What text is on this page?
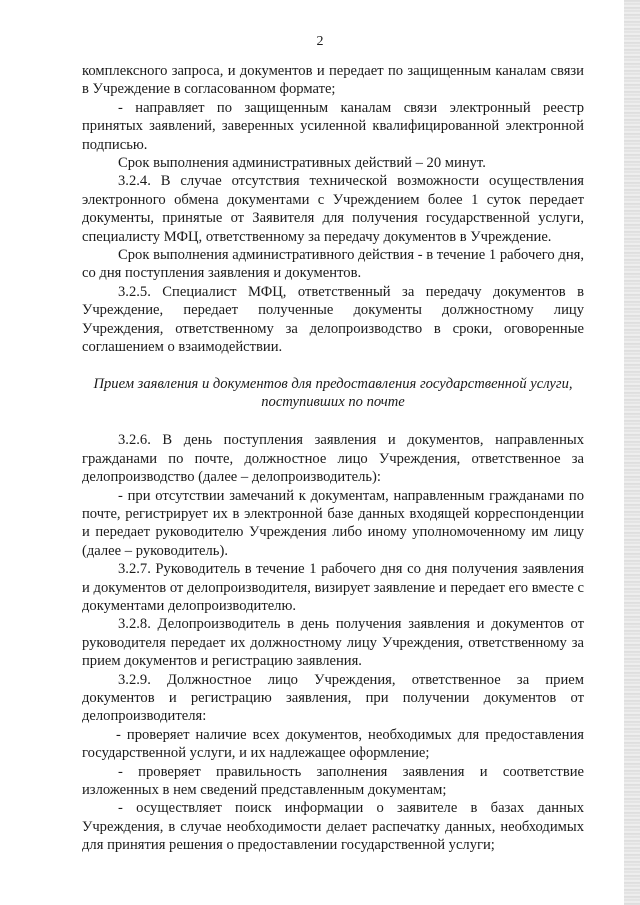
2

комплексного запроса, и документов и передает по защищенным каналам связи в Учреждение в согласованном формате;

- направляет по защищенным каналам связи электронный реестр принятых заявлений, заверенных усиленной квалифицированной электронной подписью.

Срок выполнения административных действий – 20 минут.

3.2.4. В случае отсутствия технической возможности осуществления электронного обмена документами с Учреждением более 1 суток передает документы, принятые от Заявителя для получения государственной услуги, специалисту МФЦ, ответственному за передачу документов в Учреждение.

Срок выполнения административного действия - в течение 1 рабочего дня, со дня поступления заявления и документов.

3.2.5. Специалист МФЦ, ответственный за передачу документов в Учреждение, передает полученные документы должностному лицу Учреждения, ответственному за делопроизводство в сроки, оговоренные соглашением о взаимодействии.

Прием заявления и документов для предоставления государственной услуги, поступивших по почте

3.2.6. В день поступления заявления и документов, направленных гражданами по почте, должностное лицо Учреждения, ответственное за делопроизводство (далее – делопроизводитель):

- при отсутствии замечаний к документам, направленным гражданами по почте, регистрирует их в электронной базе данных входящей корреспонденции и передает руководителю Учреждения либо иному уполномоченному им лицу (далее – руководитель).

3.2.7. Руководитель в течение 1 рабочего дня со дня получения заявления и документов от делопроизводителя, визирует заявление и передает его вместе с документами делопроизводителю.

3.2.8. Делопроизводитель в день получения заявления и документов от руководителя передает их должностному лицу Учреждения, ответственному за прием документов и регистрацию заявления.

3.2.9. Должностное лицо Учреждения, ответственное за прием документов и регистрацию заявления, при получении документов от делопроизводителя:

- проверяет наличие всех документов, необходимых для предоставления государственной услуги, и их надлежащее оформление;

- проверяет правильность заполнения заявления и соответствие изложенных в нем сведений представленным документам;

- осуществляет поиск информации о заявителе в базах данных Учреждения, в случае необходимости делает распечатку данных, необходимых для принятия решения о предоставлении государственной услуги;
